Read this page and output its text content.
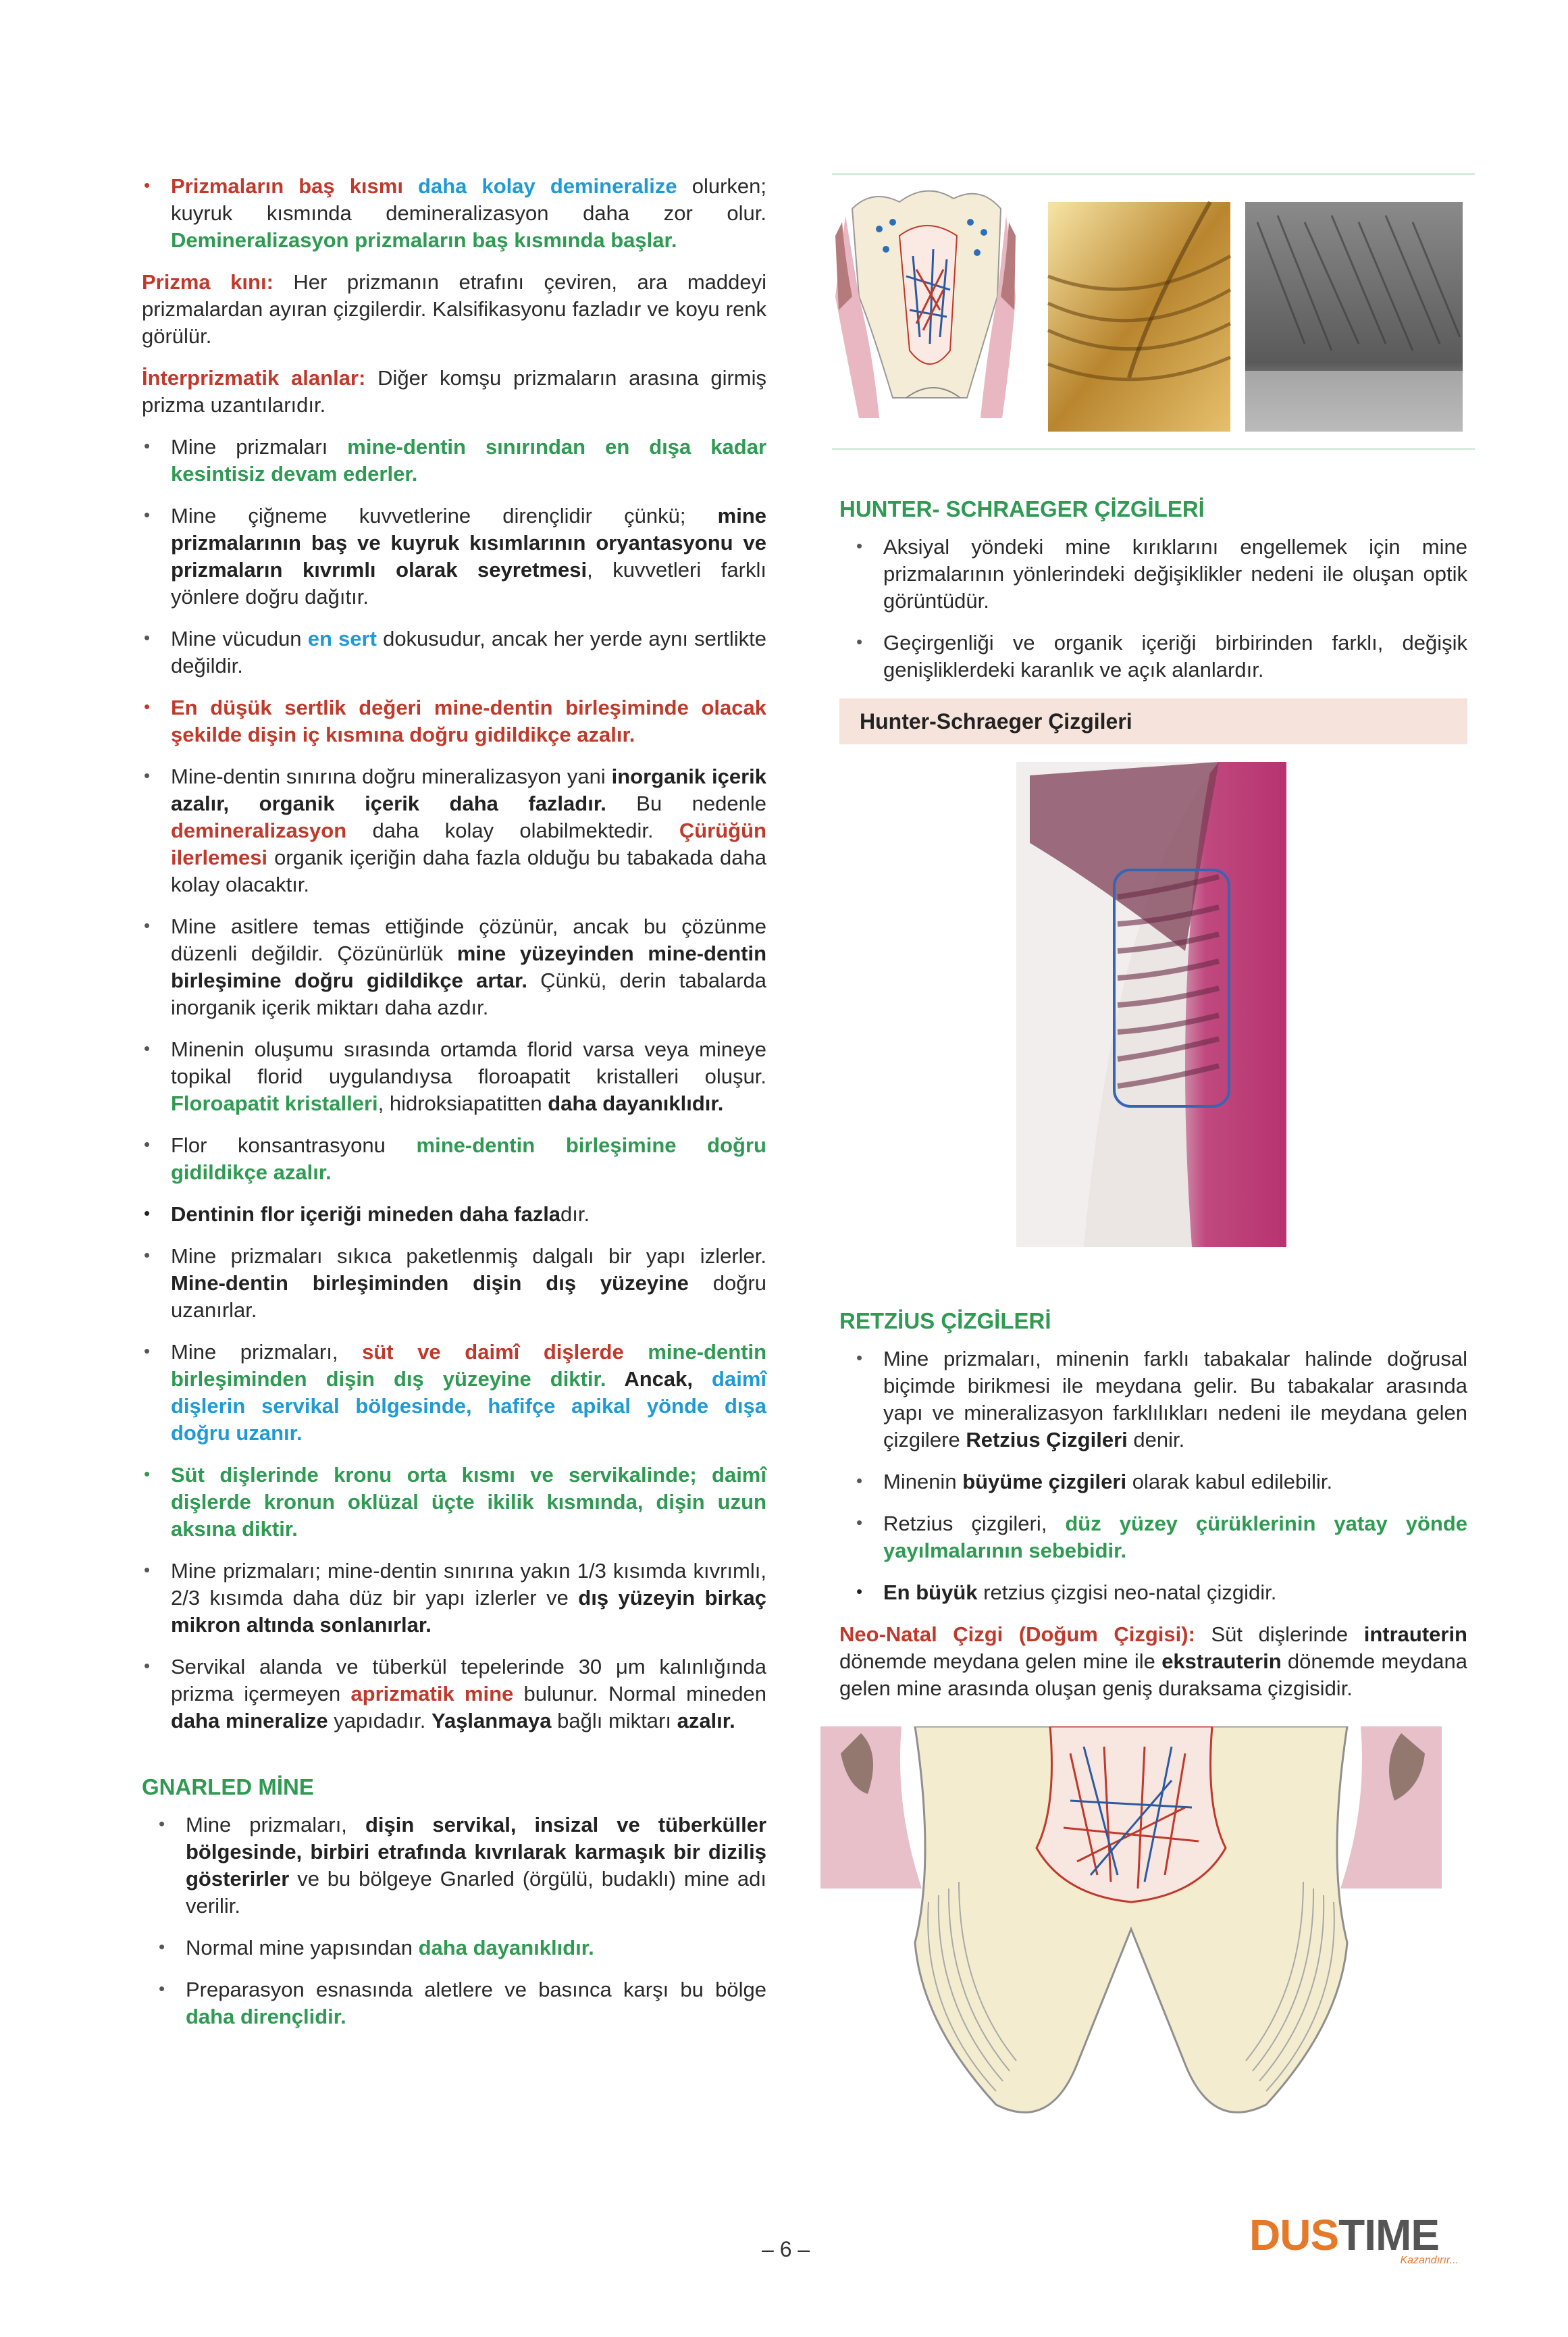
• Prizmaların baş kısmı daha kolay demineralize olurken; kuyruk kısmında demineralizasyon daha zor olur. Demineralizasyon prizmaların baş kısmında başlar.
Prizma kını: Her prizmanın etrafını çeviren, ara maddeyi prizmalardan ayıran çizgilerdir. Kalsifikasyonu fazladır ve koyu renk görülür.
İnterprizmatik alanlar: Diğer komşu prizmaların arasına girmiş prizma uzantılarıdır.
• Mine prizmaları mine-dentin sınırından en dışa kadar kesintisiz devam ederler.
• Mine çiğneme kuvvetlerine dirençlidir çünkü; mine prizmalarının baş ve kuyruk kısımlarının oryantasyonu ve prizmaların kıvrımlı olarak seyretmesi, kuvvetleri farklı yönlere doğru dağıtır.
• Mine vücudun en sert dokusudur, ancak her yerde aynı sertlikte değildir.
• En düşük sertlik değeri mine-dentin birleşiminde olacak şekilde dişin iç kısmına doğru gidildikçe azalır.
• Mine-dentin sınırına doğru mineralizasyon yani inorganik içerik azalır, organik içerik daha fazladır. Bu nedenle demineralizasyon daha kolay olabilmektedir. Çürüğün ilerlemesi organik içeriğin daha fazla olduğu bu tabakada daha kolay olacaktır.
• Mine asitlere temas ettiğinde çözünür, ancak bu çözünme düzenli değildir. Çözünürlük mine yüzeyinden mine-dentin birleşimine doğru gidildikçe artar. Çünkü, derin tabalarda inorganik içerik miktarı daha azdır.
• Minenin oluşumu sırasında ortamda florid varsa veya mineye topikal florid uygulandıysa floroapatit kristalleri oluşur. Floroapatit kristalleri, hidroksiapatitten daha dayanıklıdır.
• Flor konsantrasyonu mine-dentin birleşimine doğru gidildikçe azalır.
• Dentinin flor içeriği mineden daha fazladır.
• Mine prizmaları sıkıca paketlenmiş dalgalı bir yapı izlerler. Mine-dentin birleşiminden dişin dış yüzeyine doğru uzanırlar.
• Mine prizmaları, süt ve daimî dişlerde mine-dentin birleşiminden dişin dış yüzeyine diktir. Ancak, daimî dişlerin servikal bölgesinde, hafifçe apikal yönde dışa doğru uzanır.
• Süt dişlerinde kronu orta kısmı ve servikalinde; daimî dişlerde kronun oklüzal üçte ikilik kısmında, dişin uzun aksına diktir.
• Mine prizmaları; mine-dentin sınırına yakın 1/3 kısımda kıvrımlı, 2/3 kısımda daha düz bir yapı izlerler ve dış yüzeyin birkaç mikron altında sonlanırlar.
• Servikal alanda ve tüberkül tepelerinde 30 μm kalınlığında prizma içermeyen aprizmatik mine bulunur. Normal mineden daha mineralize yapıdadır. Yaşlanmaya bağlı miktarı azalır.
GNARLED MİNE
• Mine prizmaları, dişin servikal, insizal ve tüberküller bölgesinde, birbiri etrafında kıvrılarak karmaşık bir diziliş gösterirler ve bu bölgeye Gnarled (örgülü, budaklı) mine adı verilir.
• Normal mine yapısından daha dayanıklıdır.
• Preparasyon esnasında aletlere ve basınca karşı bu bölge daha dirençlidir.
HUNTER- SCHRAEGER ÇİZGİLERİ
• Aksiyal yöndeki mine kırıklarını engellemek için mine prizmalarının yönlerindeki değişiklikler nedeni ile oluşan optik görüntüdür.
• Geçirgenliği ve organik içeriği birbirinden farklı, değişik genişliklerdeki karanlık ve açık alanlardır.
Hunter-Schraeger Çizgileri
RETZİUS ÇİZGİLERİ
• Mine prizmaları, minenin farklı tabakalar halinde doğrusal biçimde birikmesi ile meydana gelir. Bu tabakalar arasında yapı ve mineralizasyon farklılıkları nedeni ile meydana gelen çizgilere Retzius Çizgileri denir.
• Minenin büyüme çizgileri olarak kabul edilebilir.
• Retzius çizgileri, düz yüzey çürüklerinin yatay yönde yayılmalarının sebebidir.
• En büyük retzius çizgisi neo-natal çizgidir.
Neo-Natal Çizgi (Doğum Çizgisi): Süt dişlerinde intrauterin dönemde meydana gelen mine ile ekstrauterin dönemde meydana gelen mine arasında oluşan geniş duraksama çizgisidir.
– 6 –	DUSTIME
Kazandırır...
